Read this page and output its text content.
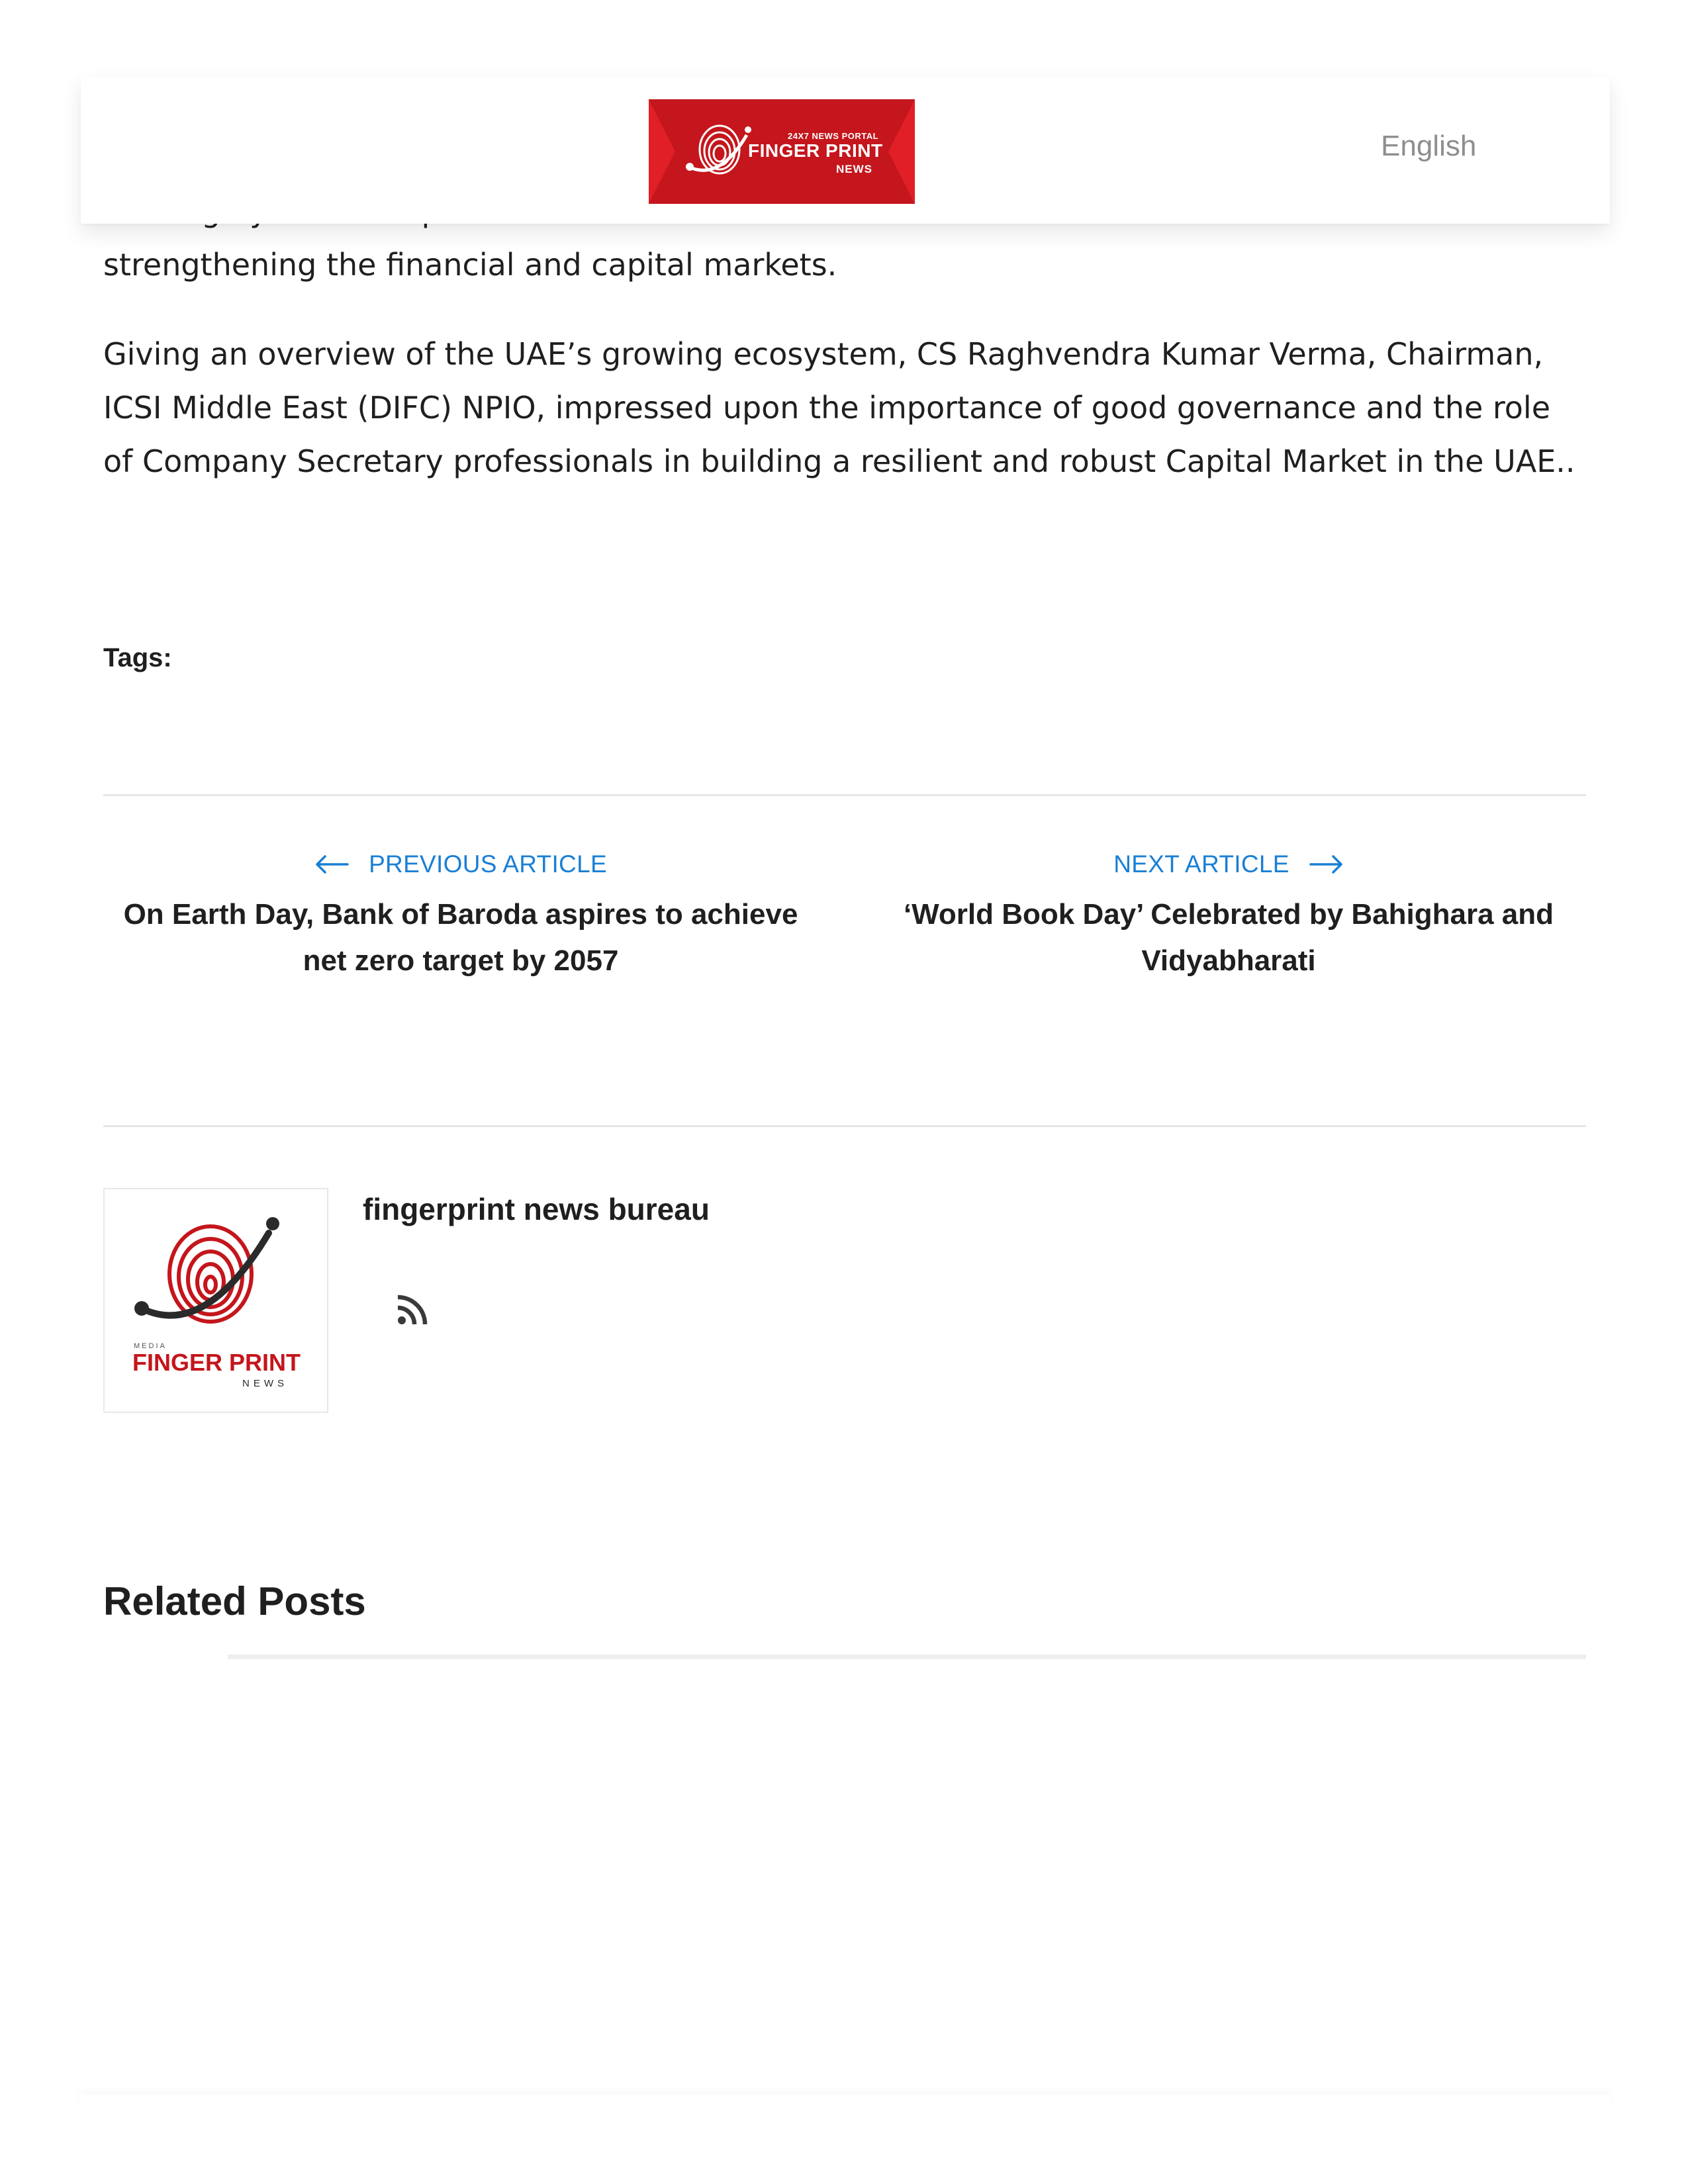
24X7 NEWS PORTAL
FINGER PRINT
NEWS
English

strengthening the financial and capital markets.

Giving an overview of the UAE’s growing ecosystem, CS Raghvendra Kumar Verma, Chairman, ICSI Middle East (DIFC) NPIO, impressed upon the importance of good governance and the role of Company Secretary professionals in building a resilient and robust Capital Market in the UAE..

Tags:
PREVIOUS ARTICLE
On Earth Day, Bank of Baroda aspires to achieve net zero target by 2057
NEXT ARTICLE
‘World Book Day’ Celebrated by Bahighara and Vidyabharati
MEDIA
FINGER PRINT
NEWS
fingerprint news bureau
Related Posts
